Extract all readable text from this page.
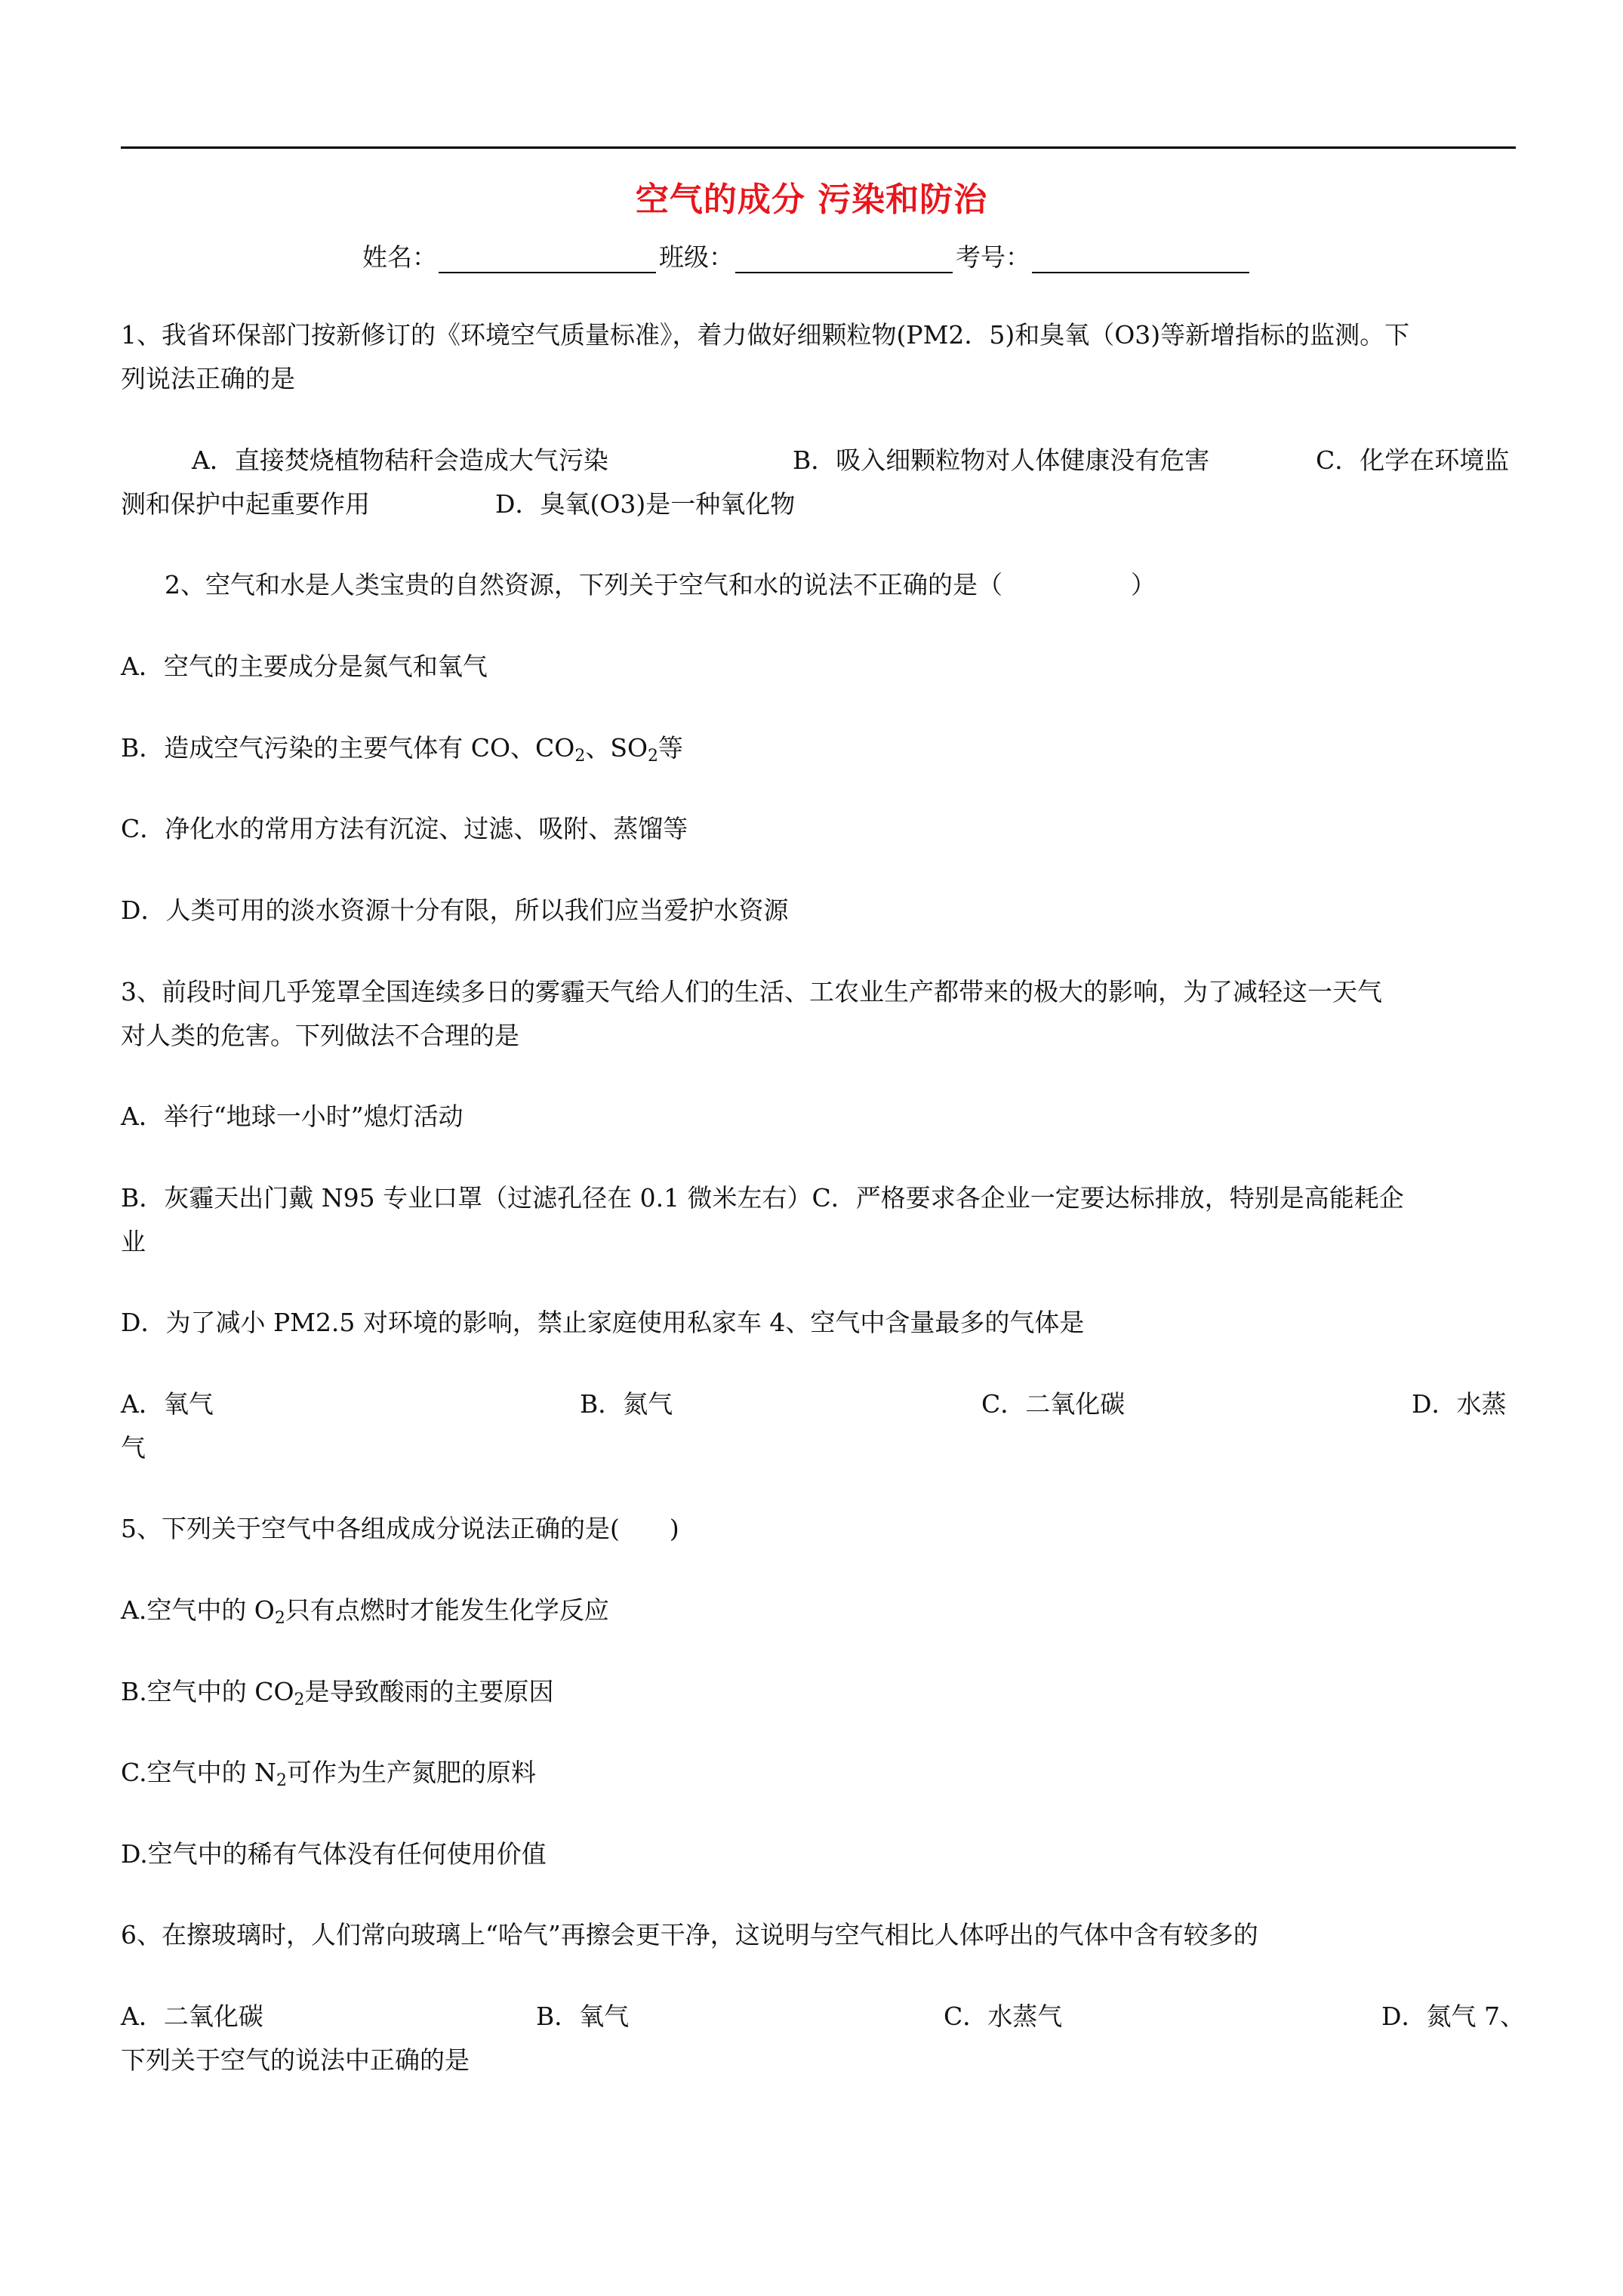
空气的成分 污染和防治
姓名：	班级：	考号：

1、我省环保部门按新修订的《环境空气质量标准》，着力做好细颗粒物(PM2．5)和臭氧（O3)等新增指标的监测。下

列说法正确的是

A．直接焚烧植物秸秆会造成大气污染	B．吸入细颗粒物对人体健康没有危害	C．化学在环境监
测和保护中起重要作用	D．臭氧(O3)是一种氧化物

2、空气和水是人类宝贵的自然资源，下列关于空气和水的说法不正确的是（	）

A．空气的主要成分是氮气和氧气

B．造成空气污染的主要气体有 CO、$CO_2$、$SO_2$等

C．净化水的常用方法有沉淀、过滤、吸附、蒸馏等

D．人类可用的淡水资源十分有限，所以我们应当爱护水资源

3、前段时间几乎笼罩全国连续多日的雾霾天气给人们的生活、工农业生产都带来的极大的影响，为了减轻这一天气

对人类的危害。下列做法不合理的是

A．举行“地球一小时”熄灯活动

B．灰霾天出门戴 N95 专业口罩（过滤孔径在 0.1 微米左右）C．严格要求各企业一定要达标排放，特别是高能耗企

业

D．为了减小 PM2.5 对环境的影响，禁止家庭使用私家车 4、空气中含量最多的气体是

A．氧气	B．氮气	C．二氧化碳	D．水蒸
气

5、下列关于空气中各组成成分说法正确的是(　　)

A.空气中的 $O_2$只有点燃时才能发生化学反应

B.空气中的 $CO_2$是导致酸雨的主要原因

C.空气中的 $N_2$可作为生产氮肥的原料

D.空气中的稀有气体没有任何使用价值

6、在擦玻璃时，人们常向玻璃上“哈气”再擦会更干净，这说明与空气相比人体呼出的气体中含有较多的

A．二氧化碳	B．氧气	C．水蒸气	D．氮气 7、
下列关于空气的说法中正确的是
